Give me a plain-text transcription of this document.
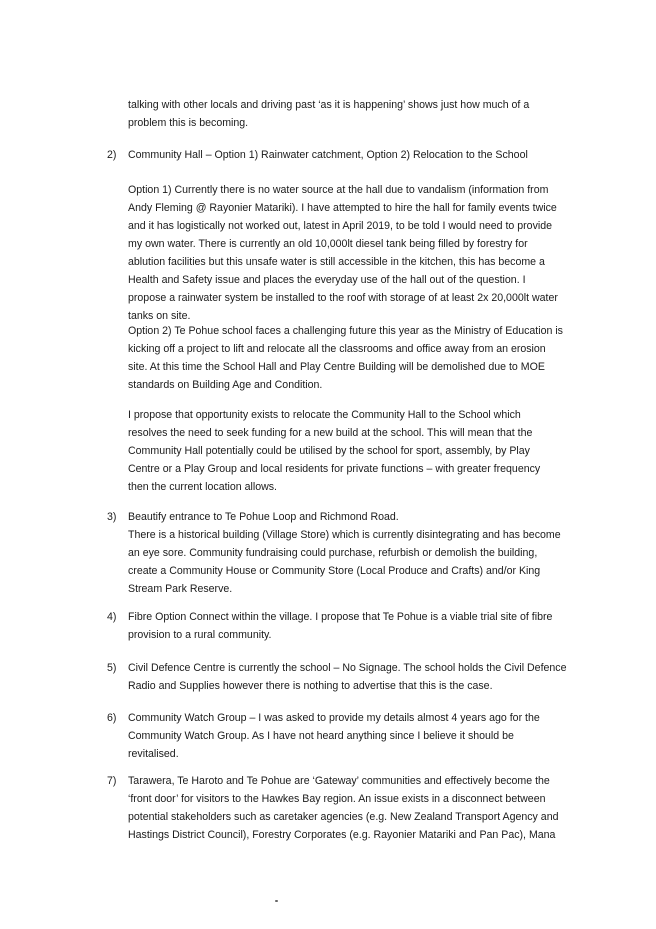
talking with other locals and driving past ‘as it is happening’ shows just how much of a
problem this is becoming.

2) Community Hall – Option 1) Rainwater catchment, Option 2) Relocation to the School
Option 1) Currently there is no water source at the hall due to vandalism (information from
Andy Fleming @ Rayonier Matariki). I have attempted to hire the hall for family events twice
and it has logistically not worked out, latest in April 2019, to be told I would need to provide
my own water. There is currently an old 10,000lt diesel tank being filled by forestry for
ablution facilities but this unsafe water is still accessible in the kitchen, this has become a
Health and Safety issue and places the everyday use of the hall out of the question. I
propose a rainwater system be installed to the roof with storage of at least 2x 20,000lt water
tanks on site.
Option 2) Te Pohue school faces a challenging future this year as the Ministry of Education is
kicking off a project to lift and relocate all the classrooms and office away from an erosion
site. At this time the School Hall and Play Centre Building will be demolished due to MOE
standards on Building Age and Condition.
I propose that opportunity exists to relocate the Community Hall to the School which
resolves the need to seek funding for a new build at the school. This will mean that the
Community Hall potentially could be utilised by the school for sport, assembly, by Play
Centre or a Play Group and local residents for private functions – with greater frequency
then the current location allows.

3) Beautify entrance to Te Pohue Loop and Richmond Road.
There is a historical building (Village Store) which is currently disintegrating and has become
an eye sore. Community fundraising could purchase, refurbish or demolish the building,
create a Community House or Community Store (Local Produce and Crafts) and/or King
Stream Park Reserve.

4) Fibre Option Connect within the village. I propose that Te Pohue is a viable trial site of fibre
provision to a rural community.

5) Civil Defence Centre is currently the school – No Signage. The school holds the Civil Defence
Radio and Supplies however there is nothing to advertise that this is the case.

6) Community Watch Group – I was asked to provide my details almost 4 years ago for the
Community Watch Group. As I have not heard anything since I believe it should be
revitalised.

7) Tarawera, Te Haroto and Te Pohue are ‘Gateway’ communities and effectively become the
‘front door’ for visitors to the Hawkes Bay region. An issue exists in a disconnect between
potential stakeholders such as caretaker agencies (e.g. New Zealand Transport Agency and
Hastings District Council), Forestry Corporates (e.g. Rayonier Matariki and Pan Pac), Mana
